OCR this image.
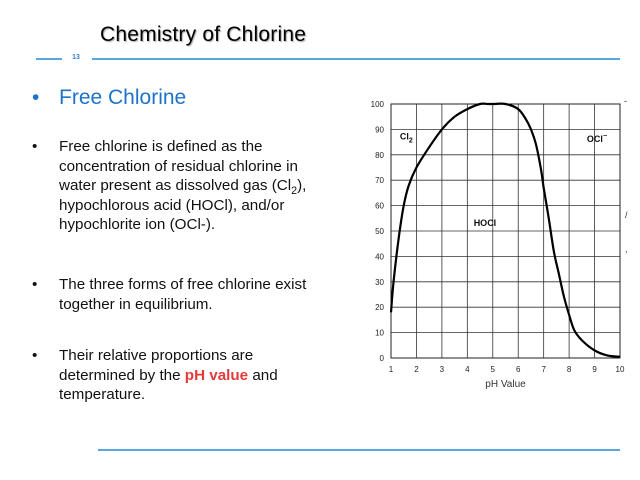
Chemistry of Chlorine
13
• Free Chlorine
• Free chlorine is defined as the
concentration of residual chlorine in
water present as dissolved gas $(Cl_2)$,
hypochlorous acid (HOCl), and/or
hypochlorite ion (OCl-).
• The three forms of free chlorine exist
together in equilibrium.
• Their relative proportions are
determined by the pH value and
temperature.
1	2	3	4	5	6	7	8	9 10
0
10
20
30
40
50
60
70
80
90
100
$Cl_2$
HOCl
OCl−
pH Value
-
/
,
